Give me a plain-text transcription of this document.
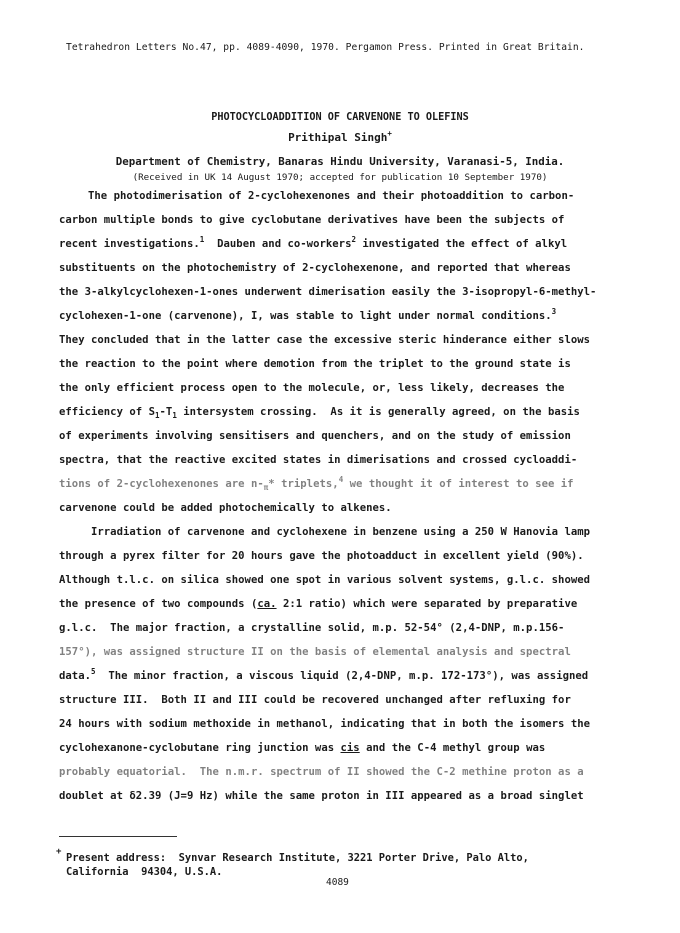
Tetrahedron Letters No.47, pp. 4089-4090, 1970. Pergamon Press. Printed in Great Britain.
PHOTOCYCLOADDITION OF CARVENONE TO OLEFINS
Prithipal Singh+
Department of Chemistry, Banaras Hindu University, Varanasi-5, India.
(Received in UK 14 August 1970; accepted for publication 10 September 1970)
The photodimerisation of 2-cyclohexenones and their photoaddition to carbon-
carbon multiple bonds to give cyclobutane derivatives have been the subjects of
recent investigations.$^1$  Dauben and co-workers$^2$ investigated the effect of alkyl
substituents on the photochemistry of 2-cyclohexenone, and reported that whereas
the 3-alkylcyclohexen-1-ones underwent dimerisation easily the 3-isopropyl-6-methyl-
cyclohexen-1-one (carvenone), I, was stable to light under normal conditions.$^3$
They concluded that in the latter case the excessive steric hinderance either slows
the reaction to the point where demotion from the triplet to the ground state is
the only efficient process open to the molecule, or, less likely, decreases the
efficiency of $S_1-T_1$ intersystem crossing.  As it is generally agreed, on the basis
of experiments involving sensitisers and quenchers, and on the study of emission
spectra, that the reactive excited states in dimerisations and crossed cycloaddi-
tions of 2-cyclohexenones are $n-_\pi*$ triplets,$^4$ we thought it of interest to see if
carvenone could be added photochemically to alkenes.
Irradiation of carvenone and cyclohexene in benzene using a 250 W Hanovia lamp
through a pyrex filter for 20 hours gave the photoadduct in excellent yield (90%).
Although t.l.c. on silica showed one spot in various solvent systems, g.l.c. showed
the presence of two compounds (ca. 2:1 ratio) which were separated by preparative
g.l.c.  The major fraction, a crystalline solid, m.p. 52-54° (2,4-DNP, m.p.156-
157°), was assigned structure II on the basis of elemental analysis and spectral
data.$^5$  The minor fraction, a viscous liquid (2,4-DNP, m.p. 172-173°), was assigned
structure III.  Both II and III could be recovered unchanged after refluxing for
24 hours with sodium methoxide in methanol, indicating that in both the isomers the
cyclohexanone-cyclobutane ring junction was cis and the C-4 methyl group was
probably equatorial.  The n.m.r. spectrum of II showed the C-2 methine proton as a
doublet at δ2.39 (J=9 Hz) while the same proton in III appeared as a broad singlet
+ Present address:  Synvar Research Institute, 3221 Porter Drive, Palo Alto,
California  94304, U.S.A.
4089
